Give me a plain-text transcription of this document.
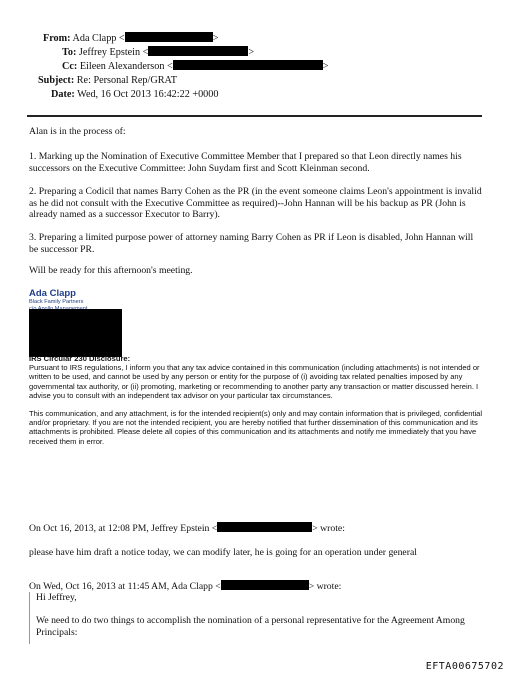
From: Ada Clapp <	>
To: Jeffrey Epstein <	>
Cc: Eileen Alexanderson <	>
Subject: Re: Personal Rep/GRAT
Date: Wed, 16 Oct 2013 16:42:22 +0000
Alan is in the process of:
1. Marking up the Nomination of Executive Committee Member that I prepared so that Leon directly names his successors on the Executive Committee: John Suydam first and Scott Kleinman second.
2. Preparing a Codicil that names Barry Cohen as the PR (in the event someone claims Leon's appointment is invalid as he did not consult with the Executive Committee as required)--John Hannan will be his backup as PR (John is already named as a successor Executor to Barry).
3. Preparing a limited purpose power of attorney naming Barry Cohen as PR if Leon is disabled, John Hannan will be successor PR.
Will be ready for this afternoon's meeting.
Ada Clapp
Black Family Partners
IRS Circular 230 Disclosure:
Pursuant to IRS regulations, I inform you that any tax advice contained in this communication (including attachments) is not intended or written to be used, and cannot be used by any person or entity for the purpose of (i) avoiding tax related penalties imposed by any governmental tax authority, or (ii) promoting, marketing or recommending to another party any transaction or matter discussed herein. I advise you to consult with an independent tax advisor on your particular tax circumstances.
This communication, and any attachment, is for the intended recipient(s) only and may contain information that is privileged, confidential and/or proprietary. If you are not the intended recipient, you are hereby notified that further dissemination of this communication and its attachments is prohibited. Please delete all copies of this communication and its attachments and notify me immediately that you have received them in error.
On Oct 16, 2013, at 12:08 PM, Jeffrey Epstein <	> wrote:
please have him draft a notice today, we can modify later, he is going for an operation under general
On Wed, Oct 16, 2013 at 11:45 AM, Ada Clapp <	> wrote:
Hi Jeffrey,
We need to do two things to accomplish the nomination of a personal representative for the Agreement Among Principals:
EFTA00675702
